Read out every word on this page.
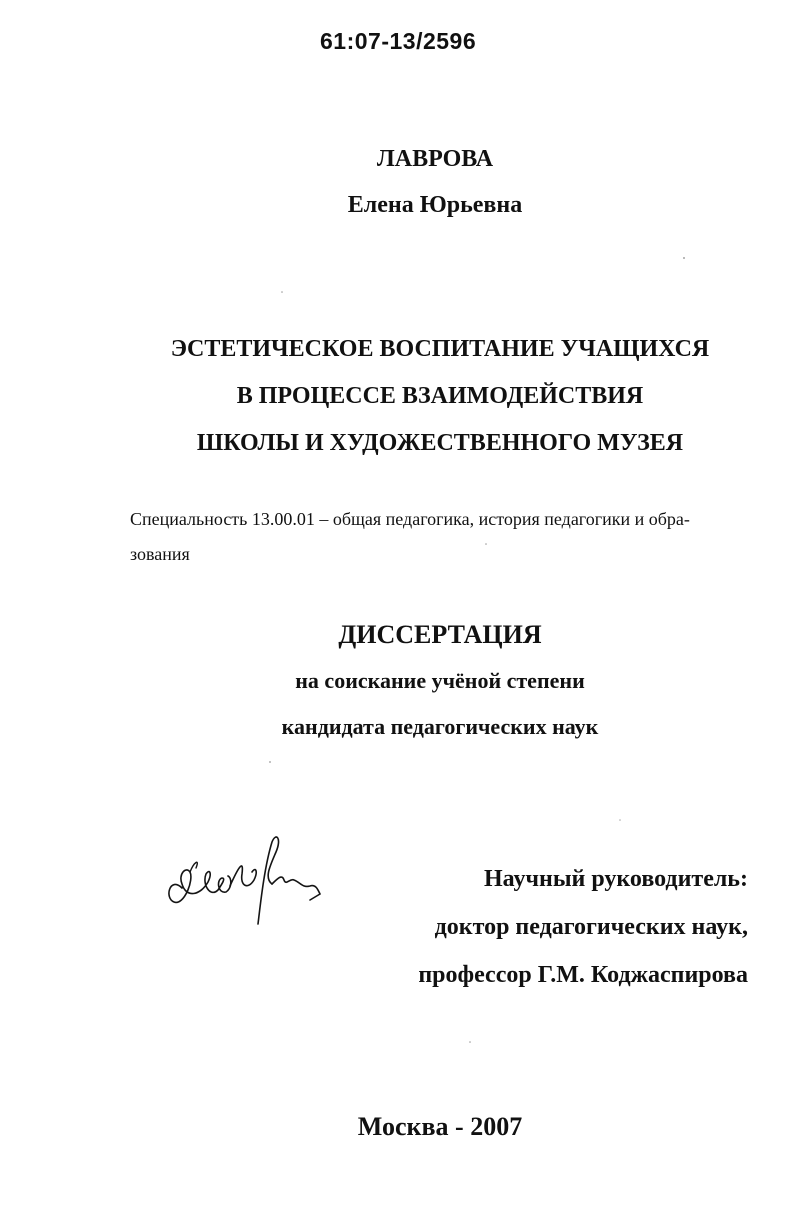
61:07-13/2596
ЛАВРОВА
Елена Юрьевна
ЭСТЕТИЧЕСКОЕ ВОСПИТАНИЕ УЧАЩИХСЯ
В ПРОЦЕССЕ ВЗАИМОДЕЙСТВИЯ
ШКОЛЫ И ХУДОЖЕСТВЕННОГО МУЗЕЯ
Специальность 13.00.01 – общая педагогика, история педагогики и обра-
зования
ДИССЕРТАЦИЯ
на соискание учёной степени
кандидата педагогических наук
Научный руководитель:
доктор педагогических наук,
профессор Г.М. Коджаспирова
Москва - 2007
